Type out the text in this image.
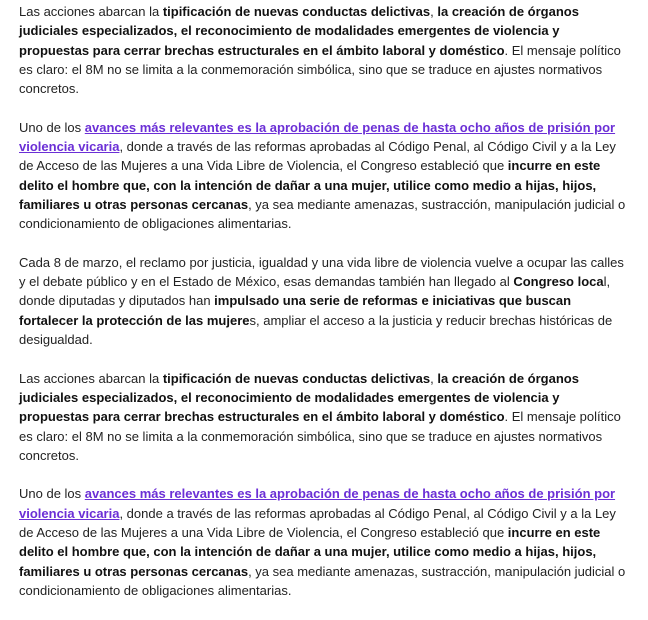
Las acciones abarcan la tipificación de nuevas conductas delictivas, la creación de órganos judiciales especializados, el reconocimiento de modalidades emergentes de violencia y propuestas para cerrar brechas estructurales en el ámbito laboral y doméstico. El mensaje político es claro: el 8M no se limita a la conmemoración simbólica, sino que se traduce en ajustes normativos concretos.

Uno de los avances más relevantes es la aprobación de penas de hasta ocho años de prisión por violencia vicaria, donde a través de las reformas aprobadas al Código Penal, al Código Civil y a la Ley de Acceso de las Mujeres a una Vida Libre de Violencia, el Congreso estableció que incurre en este delito el hombre que, con la intención de dañar a una mujer, utilice como medio a hijas, hijos, familiares u otras personas cercanas, ya sea mediante amenazas, sustracción, manipulación judicial o condicionamiento de obligaciones alimentarias.

Cada 8 de marzo, el reclamo por justicia, igualdad y una vida libre de violencia vuelve a ocupar las calles y el debate público y en el Estado de México, esas demandas también han llegado al Congreso local, donde diputadas y diputados han impulsado una serie de reformas e iniciativas que buscan fortalecer la protección de las mujeres, ampliar el acceso a la justicia y reducir brechas históricas de desigualdad.

Las acciones abarcan la tipificación de nuevas conductas delictivas, la creación de órganos judiciales especializados, el reconocimiento de modalidades emergentes de violencia y propuestas para cerrar brechas estructurales en el ámbito laboral y doméstico. El mensaje político es claro: el 8M no se limita a la conmemoración simbólica, sino que se traduce en ajustes normativos concretos.

Uno de los avances más relevantes es la aprobación de penas de hasta ocho años de prisión por violencia vicaria, donde a través de las reformas aprobadas al Código Penal, al Código Civil y a la Ley de Acceso de las Mujeres a una Vida Libre de Violencia, el Congreso estableció que incurre en este delito el hombre que, con la intención de dañar a una mujer, utilice como medio a hijas, hijos, familiares u otras personas cercanas, ya sea mediante amenazas, sustracción, manipulación judicial o condicionamiento de obligaciones alimentarias.
